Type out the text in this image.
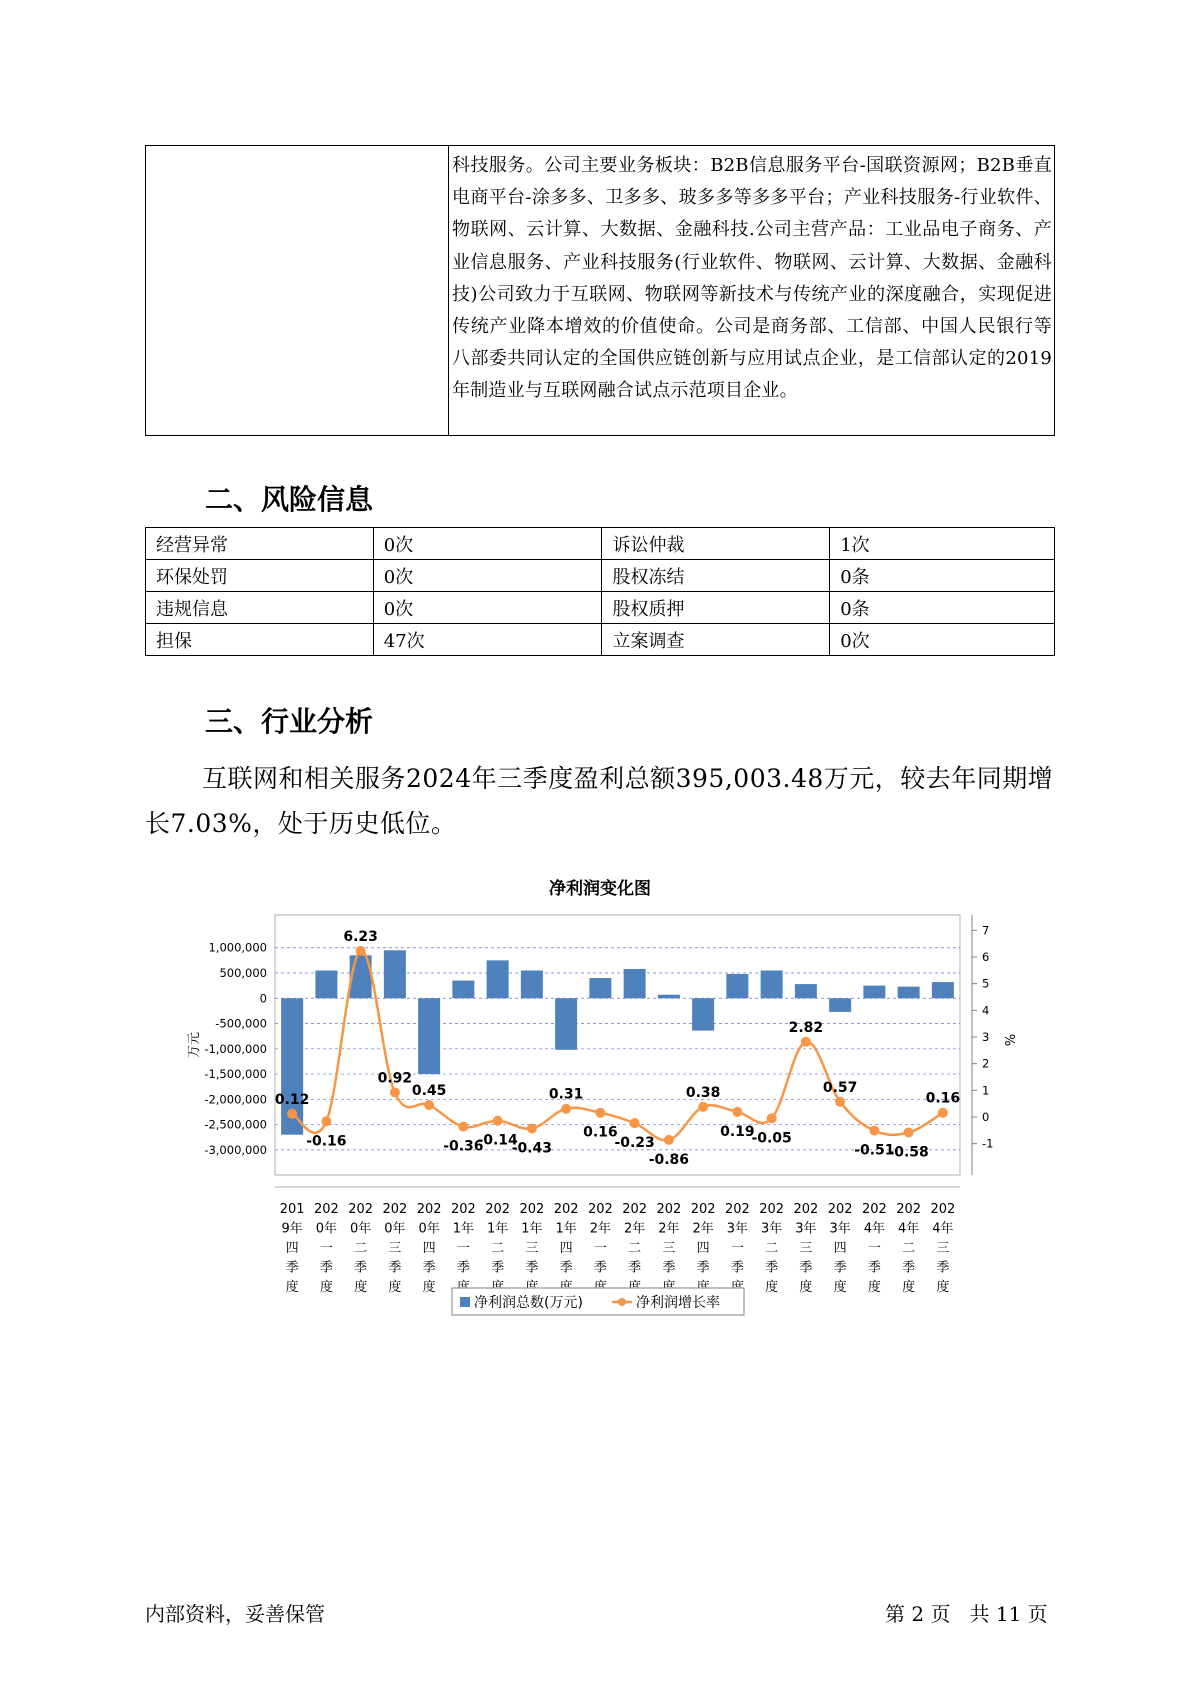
科技服务。公司主要业务板块：B2B信息服务平台-国联资源网；B2B垂直电商平台-涂多多、卫多多、玻多多等多多平台；产业科技服务-行业软件、物联网、云计算、大数据、金融科技.公司主营产品：工业品电子商务、产业信息服务、产业科技服务(行业软件、物联网、云计算、大数据、金融科技)公司致力于互联网、物联网等新技术与传统产业的深度融合，实现促进传统产业降本增效的价值使命。公司是商务部、工信部、中国人民银行等八部委共同认定的全国供应链创新与应用试点企业，是工信部认定的2019年制造业与互联网融合试点示范项目企业。
二、风险信息
经营异常	0次	诉讼仲裁	1次
环保处罚	0次	股权冻结	0条
违规信息	0次	股权质押	0条
担保	47次	立案调查	0次
三、行业分析

互联网和相关服务2024年三季度盈利总额395,003.48万元，较去年同期增长7.03%，处于历史低位。

净利润变化图
1,000,000
500,000
0
-500,000
-1,000,000
-1,500,000
-2,000,000
-2,500,000
-3,000,000
7
6
5
4
3
2
1
0
-1
万元	%
0.12
-0.16
6.23
0.92
0.45
-0.36
-0.14
-0.43
0.31
0.16
-0.23
-0.86
0.38
0.19
-0.05
2.82
0.57
-0.51
-0.58
0.16
201 9年四季度
202 0年一季度
202 0年二季度
202 0年三季度
202 0年四季度
202 1年一季
202 1年二季
202 1年三季
202 1年四季
202 2年一季
202 2年二季
202 2年三季
202 2年四季
202 3年一季
202 3年二季度
202 3年三季度
202 3年四季度
202 4年一季度
202 4年二季度
202 4年三季度
净利润总数(万元)	净利润增长率
内部资料，妥善保管	第 2 页   共 11 页
